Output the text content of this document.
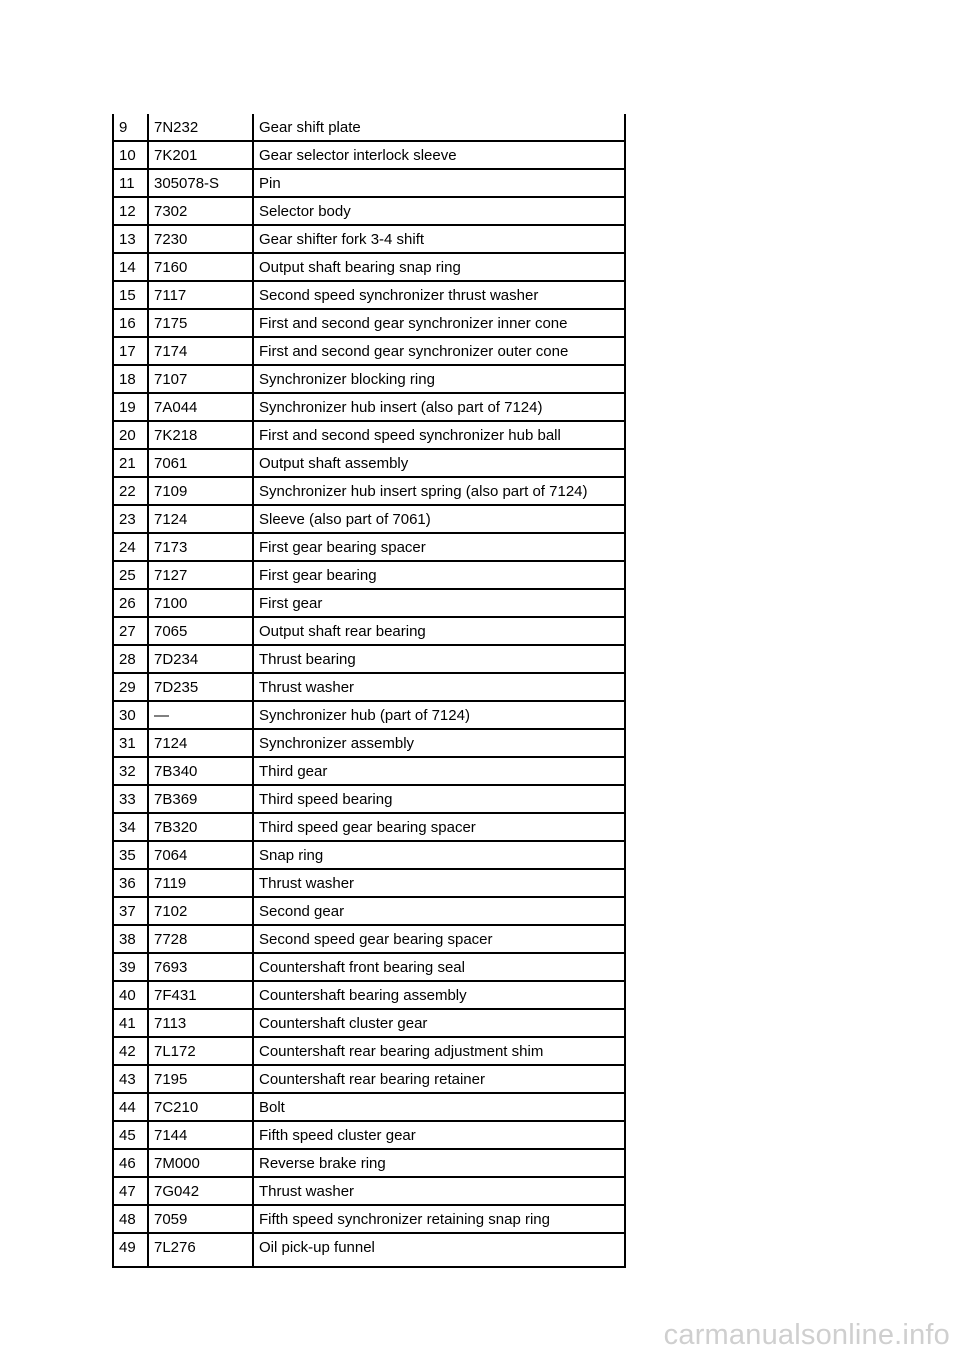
9	7N232	Gear shift plate
10	7K201	Gear selector interlock sleeve
11	305078-S	Pin
12	7302	Selector body
13	7230	Gear shifter fork 3-4 shift
14	7160	Output shaft bearing snap ring
15	7117	Second speed synchronizer thrust washer
16	7175	First and second gear synchronizer inner cone
17	7174	First and second gear synchronizer outer cone
18	7107	Synchronizer blocking ring
19	7A044	Synchronizer hub insert (also part of 7124)
20	7K218	First and second speed synchronizer hub ball
21	7061	Output shaft assembly
22	7109	Synchronizer hub insert spring (also part of 7124)
23	7124	Sleeve (also part of 7061)
24	7173	First gear bearing spacer
25	7127	First gear bearing
26	7100	First gear
27	7065	Output shaft rear bearing
28	7D234	Thrust bearing
29	7D235	Thrust washer
30	—	Synchronizer hub (part of 7124)
31	7124	Synchronizer assembly
32	7B340	Third gear
33	7B369	Third speed bearing
34	7B320	Third speed gear bearing spacer
35	7064	Snap ring
36	7119	Thrust washer
37	7102	Second gear
38	7728	Second speed gear bearing spacer
39	7693	Countershaft front bearing seal
40	7F431	Countershaft bearing assembly
41	7113	Countershaft cluster gear
42	7L172	Countershaft rear bearing adjustment shim
43	7195	Countershaft rear bearing retainer
44	7C210	Bolt
45	7144	Fifth speed cluster gear
46	7M000	Reverse brake ring
47	7G042	Thrust washer
48	7059	Fifth speed synchronizer retaining snap ring
49	7L276	Oil pick-up funnel
carmanualsonline.info
